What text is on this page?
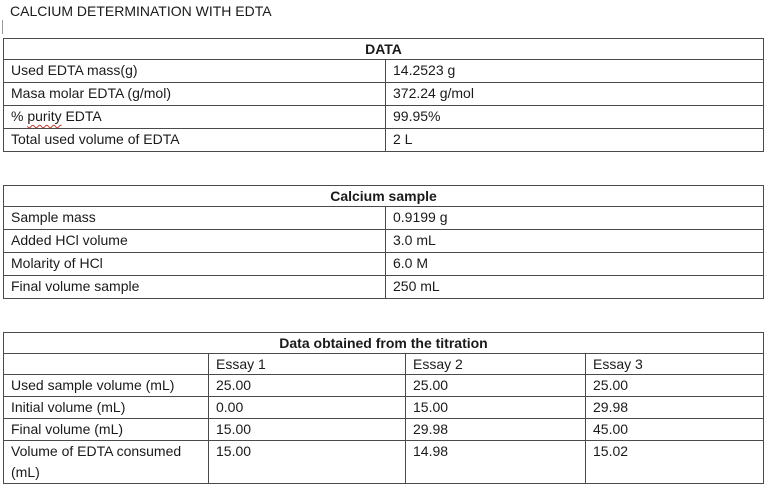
CALCIUM DETERMINATION WITH EDTA
DATA	
Used EDTA mass(g)	14.2523 g
Masa molar EDTA (g/mol)	372.24 g/mol
% purity EDTA	99.95%
Total used volume of EDTA	2 L
Calcium sample	
Sample mass	0.9199 g
Added HCl volume	3.0 mL
Molarity of HCl	6.0 M
Final volume sample	250 mL
Data obtained from the titration			
	Essay 1	Essay 2	Essay 3
Used sample volume (mL)	25.00	25.00	25.00
Initial volume (mL)	0.00	15.00	29.98
Final volume (mL)	15.00	29.98	45.00
Volume of EDTA consumed (mL)	15.00	14.98	15.02
